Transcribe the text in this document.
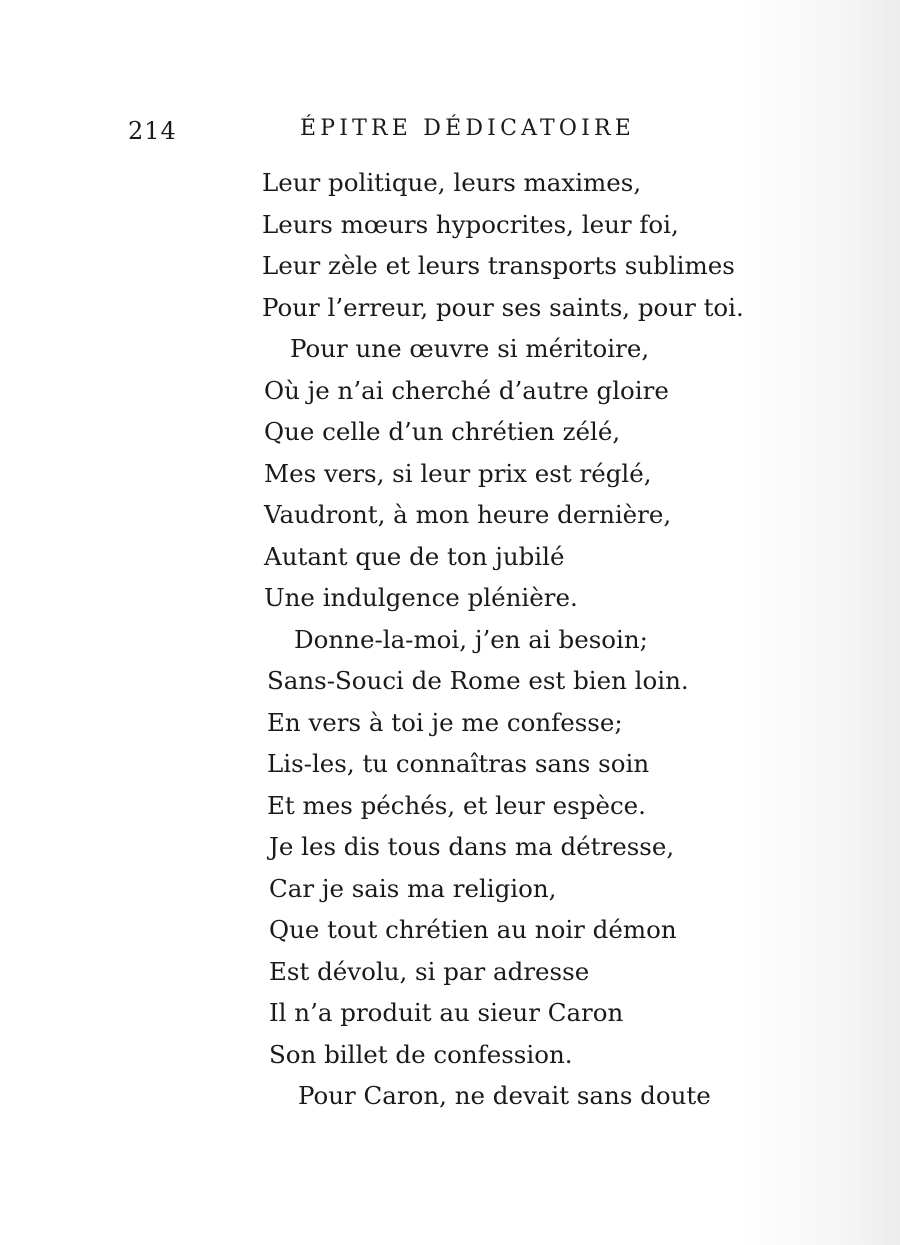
214	ÉPITRE DÉDICATOIRE
Leur politique, leurs maximes,
Leurs mœurs hypocrites, leur foi,
Leur zèle et leurs transports sublimes
Pour l’erreur, pour ses saints, pour toi.
Pour une œuvre si méritoire,
Où je n’ai cherché d’autre gloire
Que celle d’un chrétien zélé,
Mes vers, si leur prix est réglé,
Vaudront, à mon heure dernière,
Autant que de ton jubilé
Une indulgence plénière.
Donne-la-moi, j’en ai besoin;
Sans-Souci de Rome est bien loin.
En vers à toi je me confesse;
Lis-les, tu connaîtras sans soin
Et mes péchés, et leur espèce.
Je les dis tous dans ma détresse,
Car je sais ma religion,
Que tout chrétien au noir démon
Est dévolu, si par adresse
Il n’a produit au sieur Caron
Son billet de confession.
Pour Caron, ne devait sans doute
